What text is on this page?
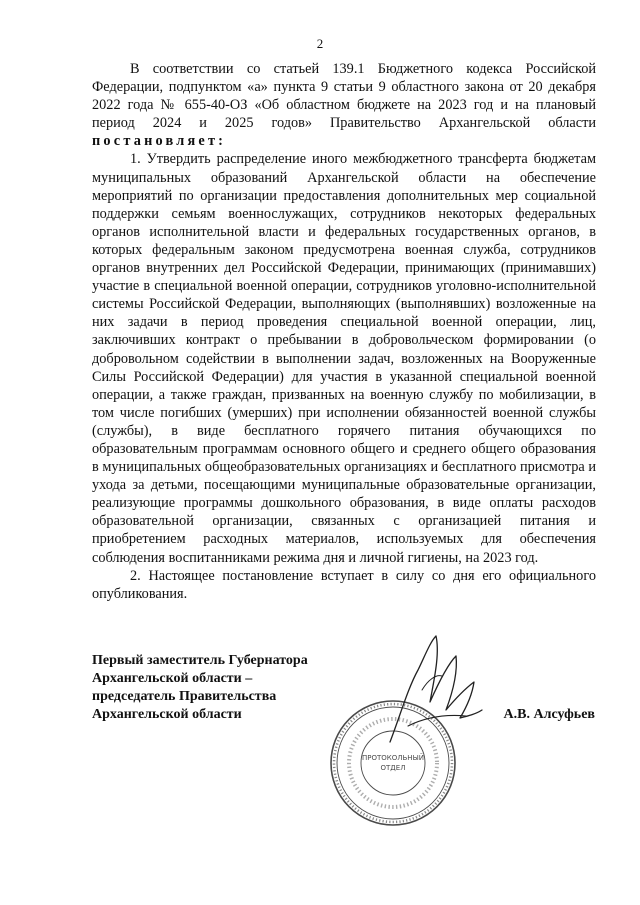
2

В соответствии со статьей 139.1 Бюджетного кодекса Российской Федерации, подпунктом «а» пункта 9 статьи 9 областного закона от 20 декабря 2022 года № 655-40-ОЗ «Об областном бюджете на 2023 год и на плановый период 2024 и 2025 годов» Правительство Архангельской области постановляет:

1. Утвердить распределение иного межбюджетного трансферта бюджетам муниципальных образований Архангельской области на обеспечение мероприятий по организации предоставления дополнительных мер социальной поддержки семьям военнослужащих, сотрудников некоторых федеральных органов исполнительной власти и федеральных государственных органов, в которых федеральным законом предусмотрена военная служба, сотрудников органов внутренних дел Российской Федерации, принимающих (принимавших) участие в специальной военной операции, сотрудников уголовно-исполнительной системы Российской Федерации, выполняющих (выполнявших) возложенные на них задачи в период проведения специальной военной операции, лиц, заключивших контракт о пребывании в добровольческом формировании (о добровольном содействии в выполнении задач, возложенных на Вооруженные Силы Российской Федерации) для участия в указанной специальной военной операции, а также граждан, призванных на военную службу по мобилизации, в том числе погибших (умерших) при исполнении обязанностей военной службы (службы), в виде бесплатного горячего питания обучающихся по образовательным программам основного общего и среднего общего образования в муниципальных общеобразовательных организациях и бесплатного присмотра и ухода за детьми, посещающими муниципальные образовательные организации, реализующие программы дошкольного образования, в виде оплаты расходов образовательной организации, связанных с организацией питания и приобретением расходных материалов, используемых для обеспечения соблюдения воспитанниками режима дня и личной гигиены, на 2023 год.

2. Настоящее постановление вступает в силу со дня его официального опубликования.

Первый заместитель Губернатора
Архангельской области –
председатель Правительства
Архангельской области
ПРОТОКОЛЬНЫЙ
ОТДЕЛ
А.В. Алсуфьев
